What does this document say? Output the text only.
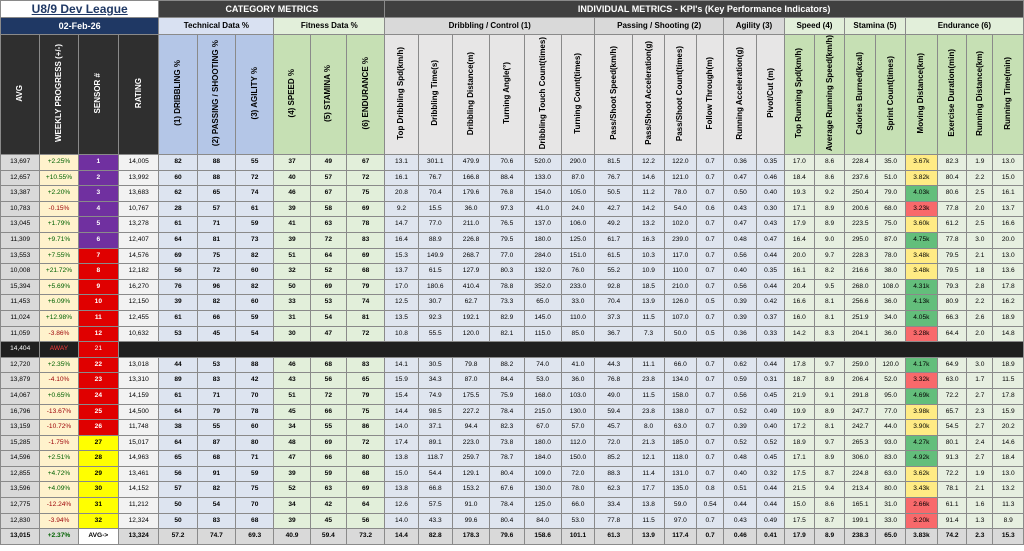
U8/9 Dev League				CATEGORY METRICS						INDIVIDUAL METRICS - KPI's (Key Performance Indicators)																			
02-Feb-26				Technical Data %			Fitness Data %			Dribbling / Control (1)						Passing / Shooting (2)				Agility (3)		Speed (4)		Stamina (5)		Endurance (6)			
AVG	WEEKLY PROGRESS (+/-)	SENSOR #	RATING	(1) DRIBBLING %	(2) PASSING / SHOOTING %	(3) AGILITY %	(4) SPEED %	(5) STAMINA %	(6) ENDURANCE %	Top Dribbling Spd(km/h)	Dribbling Time(s)	Dribbling Distance(m)	Turning Angle(°)	Dribbling Touch Count(times)	Turning Count(times)	Pass/Shoot Speed(km/h)	Pass/Shoot Acceleration(g)	Pass/Shoot Count(times)	Follow Through(m)	Running Acceleration(g)	Pivot/Cut (m)	Top Running Spd(km/h)	Average Running Speed(km/h)	Calories Burned(kcal)	Sprint Count(times)	Moving Distance(km)	Exercise Duration(min)	Running Distance(km)	Running Time(min)
13,697	+2.25%	1	14,005	82	88	55	37	49	67	13.1	301.1	479.9	70.6	520.0	290.0	81.5	12.2	122.0	0.7	0.36	0.35	17.0	8.6	228.4	35.0	3.67k	82.3	1.9	13.0
12,657	+10.55%	2	13,992	60	88	72	40	57	72	16.1	76.7	166.8	88.4	133.0	87.0	76.7	14.6	121.0	0.7	0.47	0.46	18.4	8.6	237.6	51.0	3.82k	80.4	2.2	15.0
13,387	+2.20%	3	13,683	62	65	74	46	67	75	20.8	70.4	179.6	76.8	154.0	105.0	50.5	11.2	78.0	0.7	0.50	0.40	19.3	9.2	250.4	79.0	4.03k	80.6	2.5	16.1
10,783	-0.15%	4	10,767	28	57	61	39	58	69	9.2	15.5	36.0	97.3	41.0	24.0	42.7	14.2	54.0	0.6	0.43	0.30	17.1	8.9	200.6	68.0	3.23k	77.8	2.0	13.7
13,045	+1.79%	5	13,278	61	71	59	41	63	78	14.7	77.0	211.0	76.5	137.0	106.0	49.2	13.2	102.0	0.7	0.47	0.43	17.9	8.9	223.5	75.0	3.60k	61.2	2.5	16.6
11,309	+9.71%	6	12,407	64	81	73	39	72	83	16.4	88.9	226.8	79.5	180.0	125.0	61.7	16.3	239.0	0.7	0.48	0.47	16.4	9.0	295.0	87.0	4.75k	77.8	3.0	20.0
13,553	+7.55%	7	14,576	69	75	82	51	64	69	15.3	149.9	268.7	77.0	284.0	151.0	61.5	10.3	117.0	0.7	0.56	0.44	20.0	9.7	228.3	78.0	3.48k	79.5	2.1	13.0
10,008	+21.72%	8	12,182	56	72	60	32	52	68	13.7	61.5	127.9	80.3	132.0	76.0	55.2	10.9	110.0	0.7	0.40	0.35	16.1	8.2	216.6	38.0	3.48k	79.5	1.8	13.6
15,394	+5.69%	9	16,270	76	96	82	50	69	79	17.0	180.6	410.4	78.8	352.0	233.0	92.8	18.5	210.0	0.7	0.56	0.44	20.4	9.5	268.0	108.0	4.31k	79.3	2.8	17.8
11,453	+6.09%	10	12,150	39	82	60	33	53	74	12.5	30.7	62.7	73.3	65.0	33.0	70.4	13.9	126.0	0.5	0.39	0.42	16.6	8.1	256.6	36.0	4.13k	80.9	2.2	16.2
11,024	+12.98%	11	12,455	61	66	59	31	54	81	13.5	92.3	192.1	82.9	145.0	110.0	37.3	11.5	107.0	0.7	0.39	0.37	16.0	8.1	251.9	34.0	4.05k	66.3	2.6	18.9
11,059	-3.86%	12	10,632	53	45	54	30	47	72	10.8	55.5	120.0	82.1	115.0	85.0	36.7	7.3	50.0	0.5	0.36	0.33	14.2	8.3	204.1	36.0	3.28k	64.4	2.0	14.8
14,404	AWAY	21																											
12,720	+2.35%	22	13,018	44	53	88	46	68	83	14.1	30.5	79.8	88.2	74.0	41.0	44.3	11.1	66.0	0.7	0.62	0.44	17.8	9.7	259.0	120.0	4.17k	64.9	3.0	18.9
13,879	-4.10%	23	13,310	89	83	42	43	56	65	15.9	34.3	87.0	84.4	53.0	36.0	76.8	23.8	134.0	0.7	0.59	0.31	18.7	8.9	206.4	52.0	3.32k	63.0	1.7	11.5
14,067	+0.65%	24	14,159	61	71	70	51	72	79	15.4	74.9	175.5	75.9	168.0	103.0	49.0	11.5	158.0	0.7	0.56	0.45	21.9	9.1	291.8	95.0	4.69k	72.2	2.7	17.8
16,796	-13.67%	25	14,500	64	79	78	45	66	75	14.4	98.5	227.2	78.4	215.0	130.0	59.4	23.8	138.0	0.7	0.52	0.49	19.9	8.9	247.7	77.0	3.98k	65.7	2.3	15.9
13,159	-10.72%	26	11,748	38	55	60	34	55	86	14.0	37.1	94.4	82.3	67.0	57.0	45.7	8.0	63.0	0.7	0.39	0.40	17.2	8.1	242.7	44.0	3.90k	54.5	2.7	20.2
15,285	-1.75%	27	15,017	64	87	80	48	69	72	17.4	89.1	223.0	73.8	180.0	112.0	72.0	21.3	185.0	0.7	0.52	0.52	18.9	9.7	265.3	93.0	4.27k	80.1	2.4	14.6
14,596	+2.51%	28	14,963	65	68	71	47	66	80	13.8	118.7	259.7	78.7	184.0	150.0	85.2	12.1	118.0	0.7	0.48	0.45	17.1	8.9	306.0	83.0	4.92k	91.3	2.7	18.4
12,855	+4.72%	29	13,461	56	91	59	39	59	68	15.0	54.4	129.1	80.4	109.0	72.0	88.3	11.4	131.0	0.7	0.40	0.32	17.5	8.7	224.8	63.0	3.62k	72.2	1.9	13.0
13,596	+4.09%	30	14,152	57	82	75	52	63	69	13.8	66.8	153.2	67.6	130.0	78.0	62.3	17.7	135.0	0.8	0.51	0.44	21.5	9.4	213.4	80.0	3.43k	78.1	2.1	13.2
12,775	-12.24%	31	11,212	50	54	70	34	42	64	12.6	57.5	91.0	78.4	125.0	66.0	33.4	13.8	59.0	0.54	0.44	0.44	15.0	8.6	165.1	31.0	2.66k	61.1	1.6	11.3
12,830	-3.94%	32	12,324	50	83	68	39	45	56	14.0	43.3	99.6	80.4	84.0	53.0	77.8	11.5	97.0	0.7	0.43	0.49	17.5	8.7	199.1	33.0	3.20k	91.4	1.3	8.9
13,015	+2.37%	AVG->	13,324	57.2	74.7	69.3	40.9	59.4	73.2	14.4	82.8	178.3	79.6	158.6	101.1	61.3	13.9	117.4	0.7	0.46	0.41	17.9	8.9	238.3	65.0	3.83k	74.2	2.3	15.3
